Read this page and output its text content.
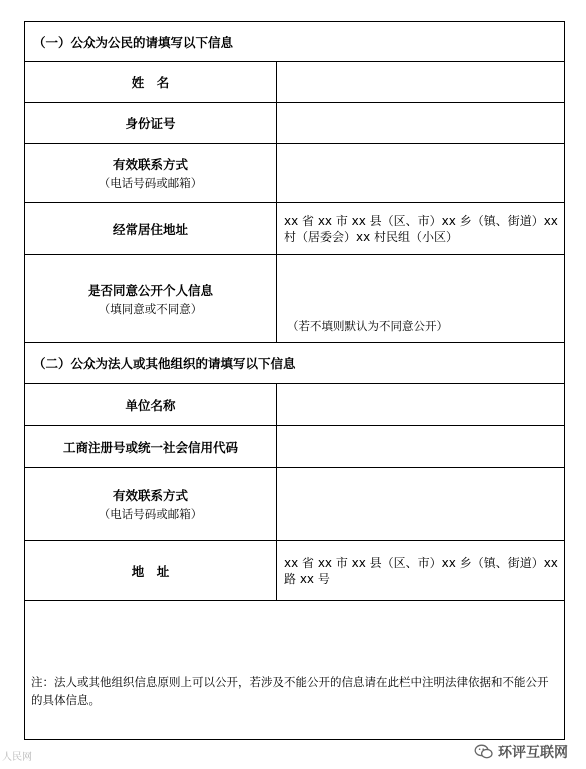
（一）公众为公民的请填写以下信息
姓　名
身份证号
有效联系方式
（电话号码或邮箱）
经常居住地址
xx 省 xx 市 xx 县（区、市）xx 乡（镇、街道）xx 村（居委会）xx 村民组（小区）
是否同意公开个人信息
（填同意或不同意）
（若不填则默认为不同意公开）
（二）公众为法人或其他组织的请填写以下信息
单位名称
工商注册号或统一社会信用代码
有效联系方式
（电话号码或邮箱）
地　址
xx 省 xx 市 xx 县（区、市）xx 乡（镇、街道）xx 路 xx 号
注：法人或其他组织信息原则上可以公开，若涉及不能公开的信息请在此栏中注明法律依据和不能公开的具体信息。
人民网	环评互联网
